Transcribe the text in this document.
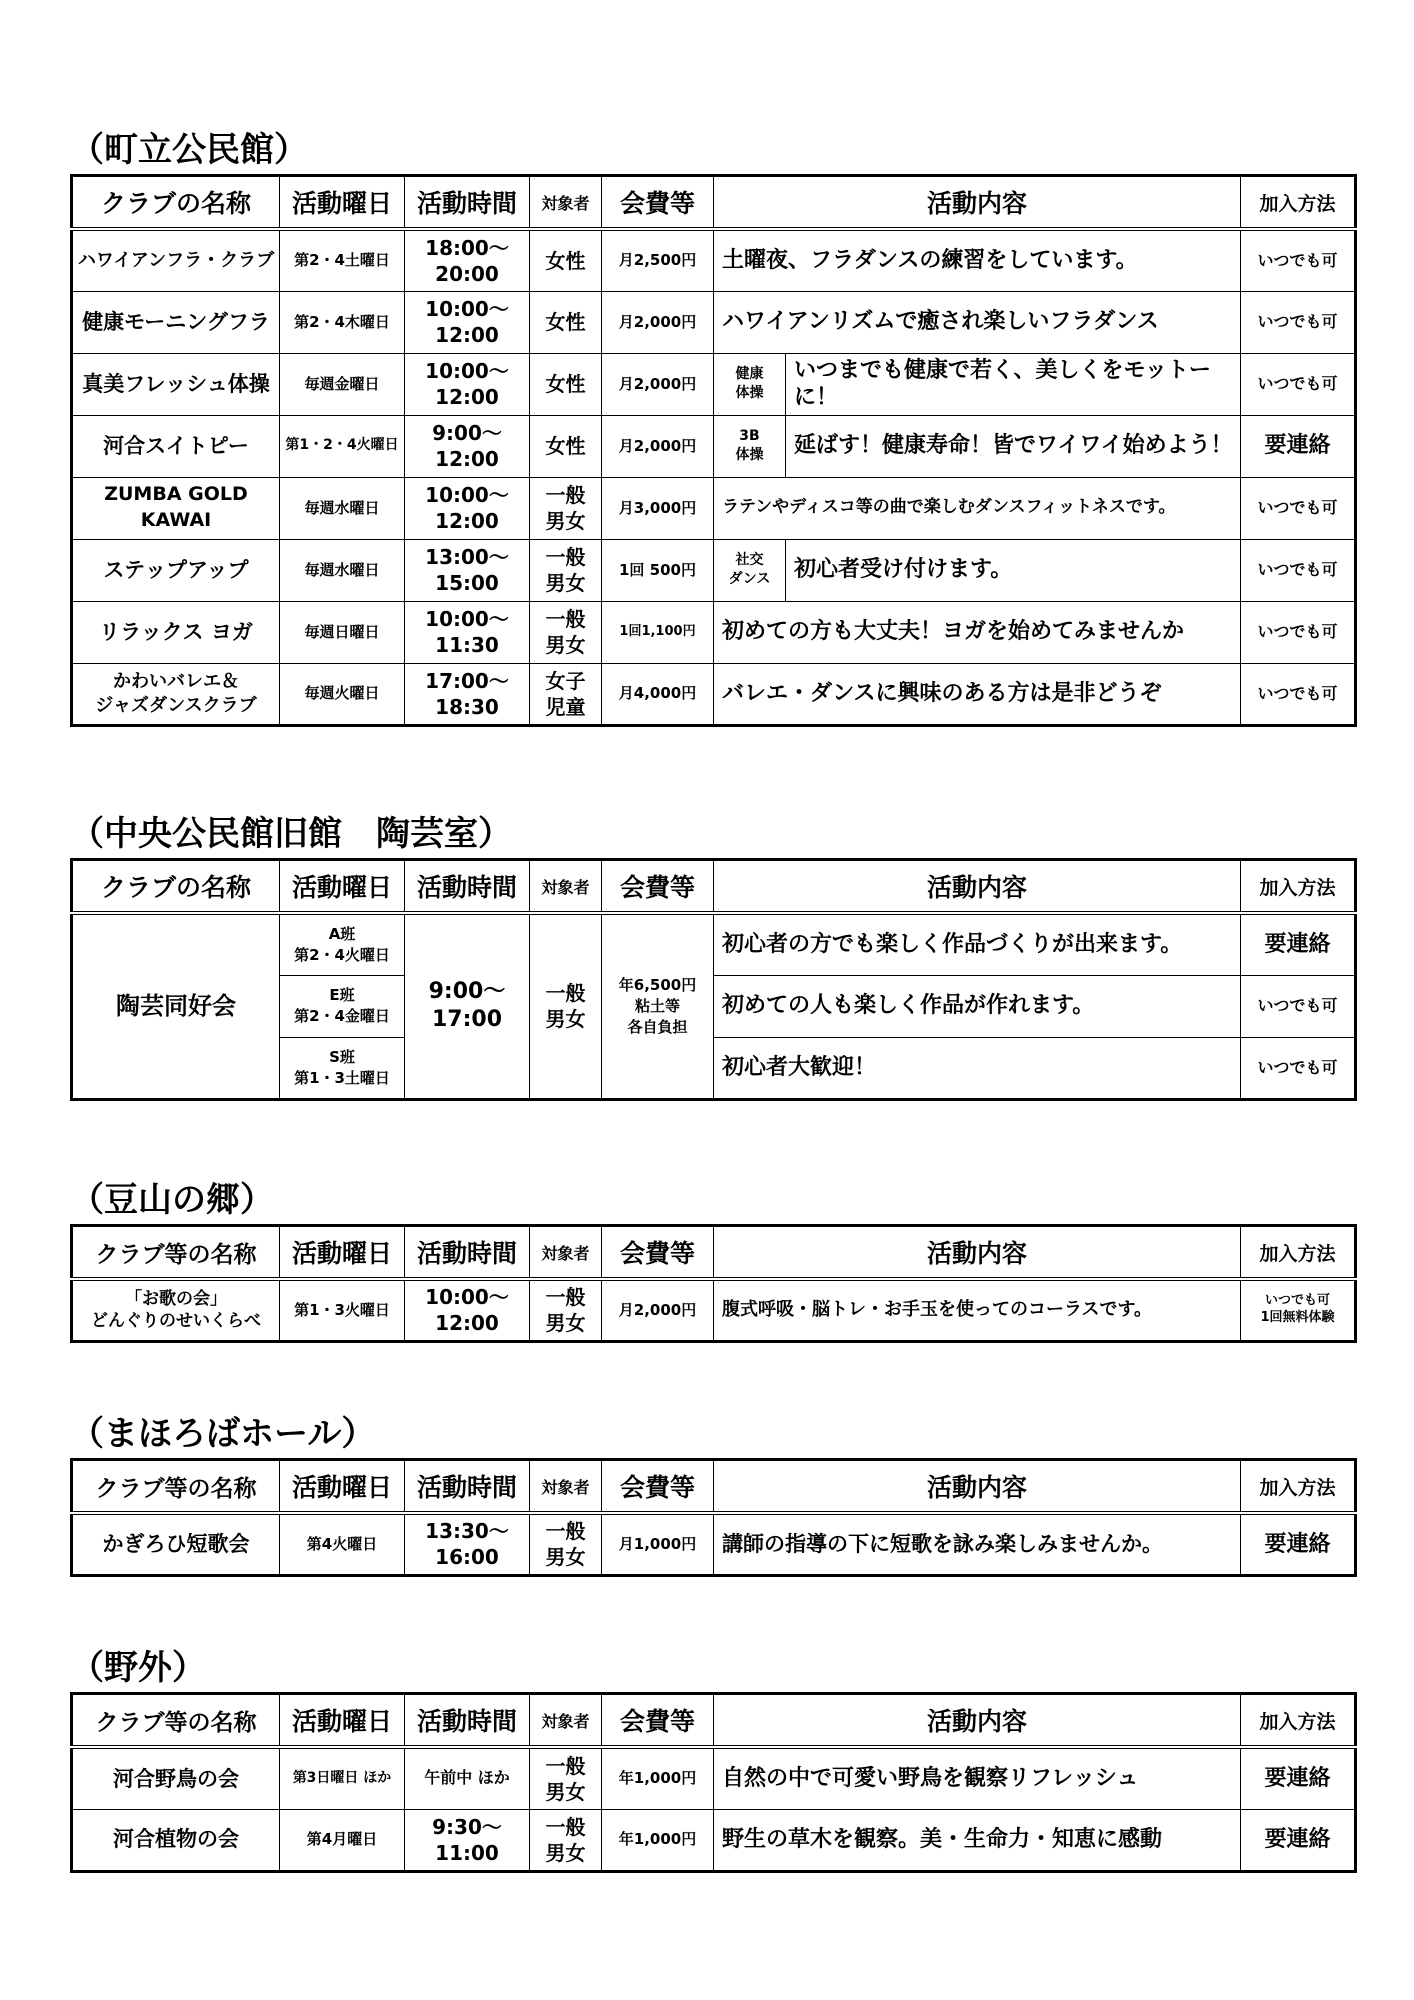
（町立公民館）
クラブの名称	活動曜日	活動時間	対象者	会費等	活動内容		加入方法
ハワイアンフラ・クラブ	第2・4土曜日	18:00～
20:00	女性	月2,500円	土曜夜、フラダンスの練習をしています。		いつでも可
健康モーニングフラ	第2・4木曜日	10:00～
12:00	女性	月2,000円	ハワイアンリズムで癒され楽しいフラダンス		いつでも可
真美フレッシュ体操	毎週金曜日	10:00～
12:00	女性	月2,000円	健康
体操	いつまでも健康で若く、美しくをモットーに！	いつでも可
河合スイトピー	第1・2・4火曜日	9:00～
12:00	女性	月2,000円	3B
体操	延ばす！健康寿命！皆でワイワイ始めよう！	要連絡
ZUMBA GOLD
KAWAI	毎週水曜日	10:00～
12:00	一般
男女	月3,000円	ラテンやディスコ等の曲で楽しむダンスフィットネスです。		いつでも可
ステップアップ	毎週水曜日	13:00～
15:00	一般
男女	1回 500円	社交
ダンス	初心者受け付けます。	いつでも可
リラックス ヨガ	毎週日曜日	10:00～
11:30	一般
男女	1回1,100円	初めての方も大丈夫！ヨガを始めてみませんか		いつでも可
かわいバレエ＆
ジャズダンスクラブ	毎週火曜日	17:00～
18:30	女子
児童	月4,000円	バレエ・ダンスに興味のある方は是非どうぞ		いつでも可
（中央公民館旧館　陶芸室）
クラブの名称	活動曜日	活動時間	対象者	会費等	活動内容	加入方法
陶芸同好会	A班
第2・4火曜日	9:00～
17:00	一般
男女	年6,500円
粘土等
各自負担	初心者の方でも楽しく作品づくりが出来ます。	要連絡
	E班
第2・4金曜日				初めての人も楽しく作品が作れます。	いつでも可
	S班
第1・3土曜日				初心者大歓迎！	いつでも可
（豆山の郷）
クラブ等の名称	活動曜日	活動時間	対象者	会費等	活動内容	加入方法
「お歌の会」
どんぐりのせいくらべ	第1・3火曜日	10:00～
12:00	一般
男女	月2,000円	腹式呼吸・脳トレ・お手玉を使ってのコーラスです。	いつでも可
1回無料体験
（まほろばホール）
クラブ等の名称	活動曜日	活動時間	対象者	会費等	活動内容	加入方法
かぎろひ短歌会	第4火曜日	13:30～
16:00	一般
男女	月1,000円	講師の指導の下に短歌を詠み楽しみませんか。	要連絡
（野外）
クラブ等の名称	活動曜日	活動時間	対象者	会費等	活動内容	加入方法
河合野鳥の会	第3日曜日 ほか	午前中 ほか	一般
男女	年1,000円	自然の中で可愛い野鳥を観察リフレッシュ	要連絡
河合植物の会	第4月曜日	9:30～
11:00	一般
男女	年1,000円	野生の草木を観察。美・生命力・知恵に感動	要連絡
